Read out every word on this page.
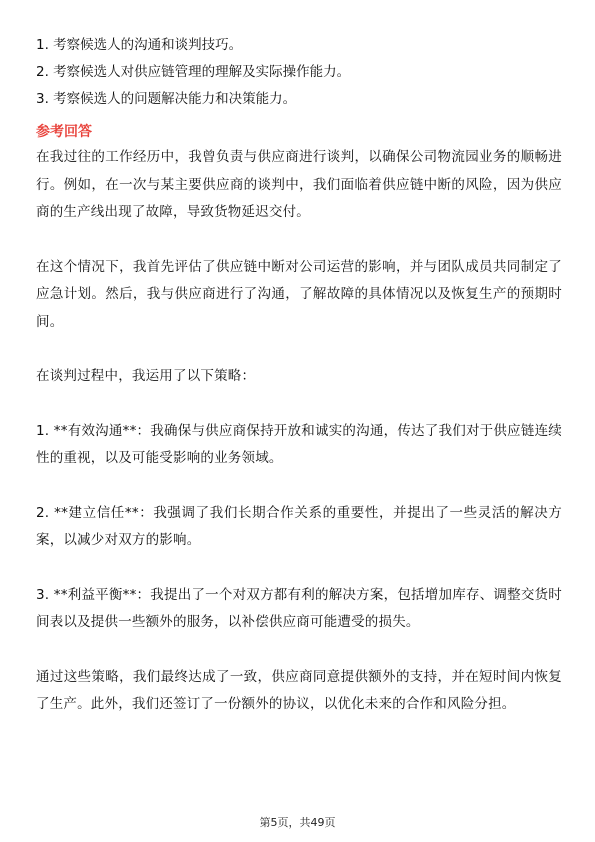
1. 考察候选人的沟通和谈判技巧。
2. 考察候选人对供应链管理的理解及实际操作能力。
3. 考察候选人的问题解决能力和决策能力。
参考回答

在我过往的工作经历中，我曾负责与供应商进行谈判，以确保公司物流园业务的顺畅进行。例如，在一次与某主要供应商的谈判中，我们面临着供应链中断的风险，因为供应商的生产线出现了故障，导致货物延迟交付。

在这个情况下，我首先评估了供应链中断对公司运营的影响，并与团队成员共同制定了应急计划。然后，我与供应商进行了沟通，了解故障的具体情况以及恢复生产的预期时间。

在谈判过程中，我运用了以下策略：

1. **有效沟通**：我确保与供应商保持开放和诚实的沟通，传达了我们对于供应链连续性的重视，以及可能受影响的业务领域。

2. **建立信任**：我强调了我们长期合作关系的重要性，并提出了一些灵活的解决方案，以减少对双方的影响。

3. **利益平衡**：我提出了一个对双方都有利的解决方案，包括增加库存、调整交货时间表以及提供一些额外的服务，以补偿供应商可能遭受的损失。

通过这些策略，我们最终达成了一致，供应商同意提供额外的支持，并在短时间内恢复了生产。此外，我们还签订了一份额外的协议，以优化未来的合作和风险分担。

第5页，共49页
